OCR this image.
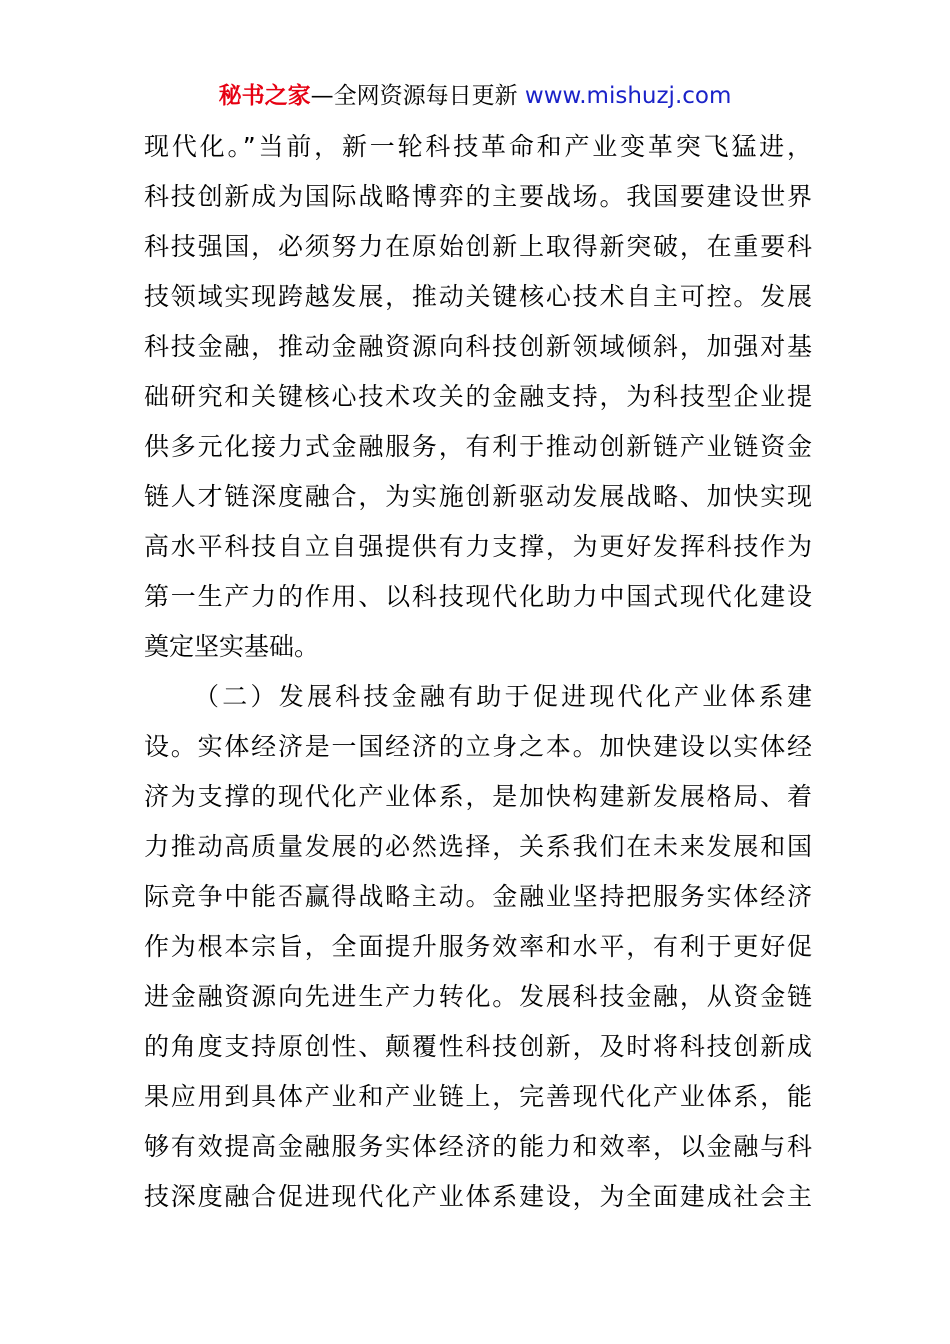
秘书之家—全网资源每日更新 www.mishuzj.com
现代化。”当前，新一轮科技革命和产业变革突飞猛进，
科技创新成为国际战略博弈的主要战场。我国要建设世界
科技强国，必须努力在原始创新上取得新突破，在重要科
技领域实现跨越发展，推动关键核心技术自主可控。发展
科技金融，推动金融资源向科技创新领域倾斜，加强对基
础研究和关键核心技术攻关的金融支持，为科技型企业提
供多元化接力式金融服务，有利于推动创新链产业链资金
链人才链深度融合，为实施创新驱动发展战略、加快实现
高水平科技自立自强提供有力支撑，为更好发挥科技作为
第一生产力的作用、以科技现代化助力中国式现代化建设
奠定坚实基础。
（二）发展科技金融有助于促进现代化产业体系建
设。实体经济是一国经济的立身之本。加快建设以实体经
济为支撑的现代化产业体系，是加快构建新发展格局、着
力推动高质量发展的必然选择，关系我们在未来发展和国
际竞争中能否赢得战略主动。金融业坚持把服务实体经济
作为根本宗旨，全面提升服务效率和水平，有利于更好促
进金融资源向先进生产力转化。发展科技金融，从资金链
的角度支持原创性、颠覆性科技创新，及时将科技创新成
果应用到具体产业和产业链上，完善现代化产业体系，能
够有效提高金融服务实体经济的能力和效率，以金融与科
技深度融合促进现代化产业体系建设，为全面建成社会主
